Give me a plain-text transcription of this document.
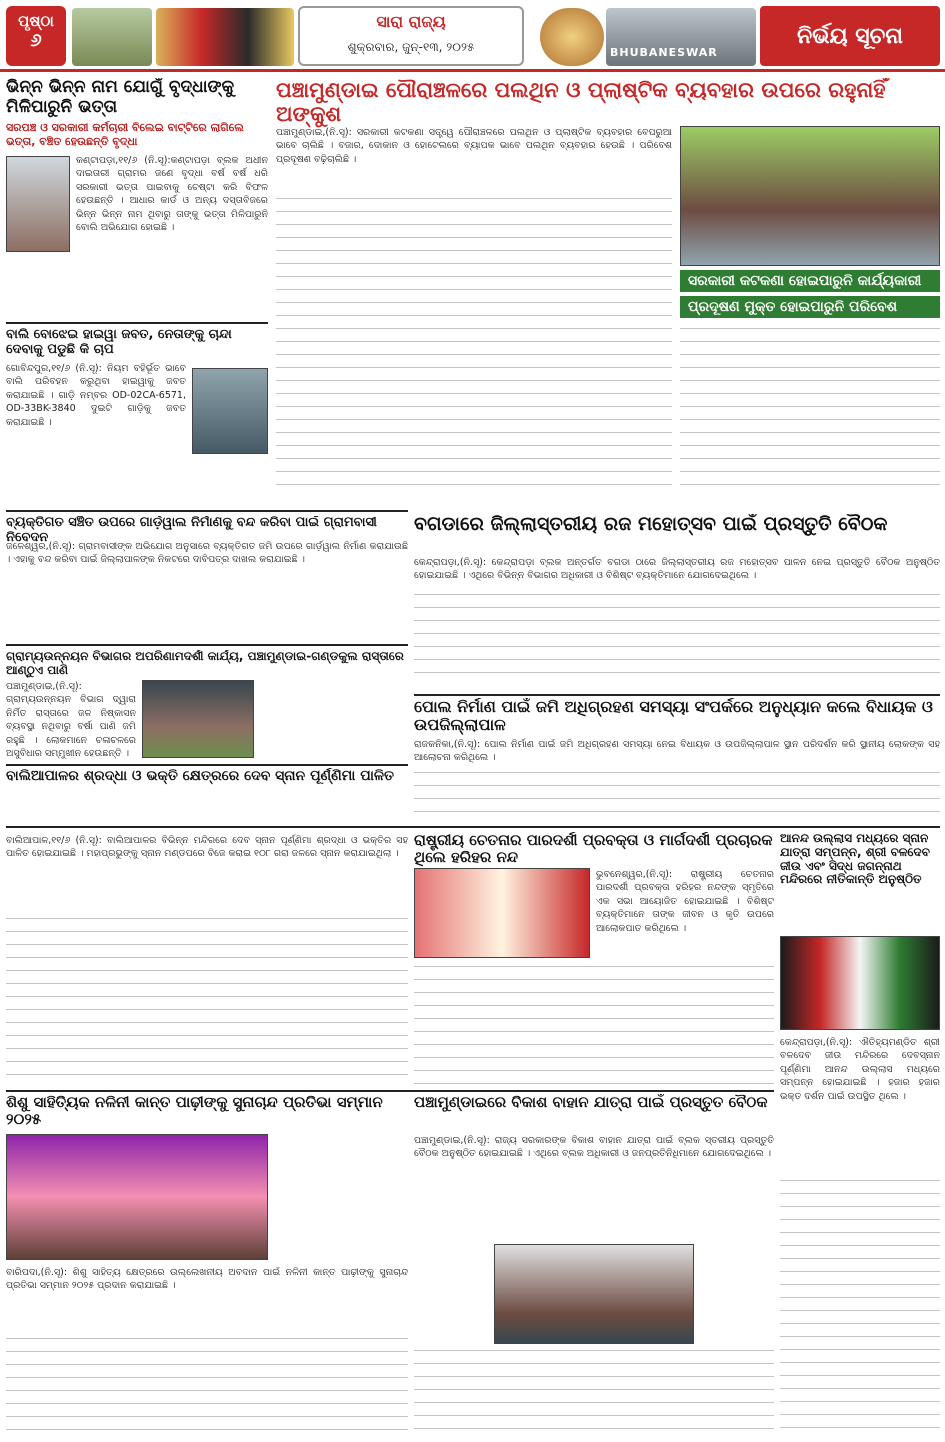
ପୃଷ୍ଠା
୬
ସାରା ରାଜ୍ୟ
ଶୁକ୍ରବାର, ଜୁନ୍-୧୩, ୨୦୨୫	BHUBANESWAR
ନିର୍ଭୟ ସୂଚନା
ଭିନ୍ନ ଭିନ୍ନ ନାମ ଯୋଗୁଁ ବୃଦ୍ଧାଙ୍କୁ ମିଳିପାରୁନି ଭତ୍ତା
ସରପଞ୍ଚ ଓ ସରକାରୀ କର୍ମଚାରୀ ବିଲେଇ ବାଟ୍ଟିରେ ଲାଗିଲେ ଭତ୍ତା, ବଞ୍ଚିତ ହେଉଛନ୍ତି ବୃଦ୍ଧା
କଣ୍ଟାପଡ଼ା,୧୧/୬ (ନି.ସୂ):କଣ୍ଟାପଡ଼ା ବ୍ଲକ ଅଧୀନ ଦାଇତାରୀ ଗ୍ରାମର ଜଣେ ବୃଦ୍ଧା ବର୍ଷ ବର୍ଷ ଧରି ସରକାରୀ ଭତ୍ତା ପାଇବାକୁ ଚେଷ୍ଟା କରି ବିଫଳ ହେଉଛନ୍ତି । ଆଧାର କାର୍ଡ ଓ ଅନ୍ୟ ଦସ୍ତାବିଜରେ ଭିନ୍ନ ଭିନ୍ନ ନାମ ଥିବାରୁ ତାଙ୍କୁ ଭତ୍ତା ମିଳିପାରୁନି ବୋଲି ଅଭିଯୋଗ ହୋଇଛି ।
ବାଲି ବୋଝେଇ ହାଇୱା ଜବତ, ନେତାଙ୍କୁ ଚାନ୍ଦା ଦେବାକୁ ପଡୁଛି କି ଚାପ
ଗୋବିନ୍ଦପୁର,୧୧/୬ (ନି.ସୂ): ନିୟମ ବହିର୍ଭୂତ ଭାବେ ବାଲି ପରିବହନ କରୁଥିବା ହାଇୱାକୁ ଜବତ କରାଯାଇଛି । ଗାଡ଼ି ନମ୍ବର OD-02CA-6571, OD-33BK-3840 ଦୁଇଟି ଗାଡ଼ିକୁ ଜବତ କରାଯାଇଛି ।
ପଞ୍ଚାମୁଣ୍ଡାଇ ପୌରାଞ୍ଚଳରେ ପଲଥିନ ଓ ପ୍ଲାଷ୍ଟିକ ବ୍ୟବହାର ଉପରେ ରହୁନାହିଁ ଅଙ୍କୁଶ
ପଞ୍ଚାମୁଣ୍ଡାଇ,(ନି.ସୂ): ସରକାରୀ କଟକଣା ସତ୍ତ୍ୱେ ପୌରାଞ୍ଚଳରେ ପଲଥିନ ଓ ପ୍ଲାଷ୍ଟିକ ବ୍ୟବହାର ବେପରୁଆ ଭାବେ ଚାଲିଛି । ବଜାର, ଦୋକାନ ଓ ହୋଟେଲରେ ବ୍ୟାପକ ଭାବେ ପଲଥିନ ବ୍ୟବହାର ହେଉଛି । ପରିବେଶ ପ୍ରଦୂଷଣ ବଢ଼ିଚାଲିଛି ।
ସରକାରୀ କଟକଣା ହୋଇପାରୁନି କାର୍ଯ୍ୟକାରୀ
ପ୍ରଦୂଷଣ ମୁକ୍ତ ହୋଇପାରୁନି ପରିବେଶ
ବ୍ୟକ୍ତିଗତ ସଞ୍ଚିତ ଉପରେ ଗାର୍ଡ଼ୱାଲ ନିର୍ମାଣକୁ ବନ୍ଦ କରିବା ପାଇଁ ଗ୍ରାମବାସୀ ନିବେଦନ
ଜଳେଶ୍ୱର,(ନି.ସୂ): ଗ୍ରାମବାସୀଙ୍କ ଅଭିଯୋଗ ଅନୁସାରେ ବ୍ୟକ୍ତିଗତ ଜମି ଉପରେ ଗାର୍ଡ଼ୱାଲ ନିର୍ମାଣ କରାଯାଉଛି । ଏହାକୁ ବନ୍ଦ କରିବା ପାଇଁ ଜିଲ୍ଲାପାଳଙ୍କ ନିକଟରେ ଦାବିପତ୍ର ଦାଖଲ କରାଯାଇଛି ।
ଗ୍ରାମ୍ୟଉନ୍ନୟନ ବିଭାଗର ଅପରିଣାମଦର୍ଶୀ କାର୍ଯ୍ୟ, ପଞ୍ଚାମୁଣ୍ଡାଇ-ଗଣ୍ଡକୁଲ ରାସ୍ତାରେ ଆଣ୍ଠୁଏ ପାଣି
ପଞ୍ଚାମୁଣ୍ଡାଇ,(ନି.ସୂ): ଗ୍ରାମ୍ୟଉନ୍ନୟନ ବିଭାଗ ଦ୍ୱାରା ନିର୍ମିତ ରାସ୍ତାରେ ଜଳ ନିଷ୍କାସନ ବ୍ୟବସ୍ଥା ନଥିବାରୁ ବର୍ଷା ପାଣି ଜମି ରହୁଛି । ଲୋକମାନେ ଚଳାଚଳରେ ଅସୁବିଧାର ସମ୍ମୁଖୀନ ହେଉଛନ୍ତି ।
ବଗଡାରେ ଜିଲ୍ଲାସ୍ତରୀୟ ରଜ ମହୋତ୍ସବ ପାଇଁ ପ୍ରସ୍ତୁତି ବୈଠକ
କେନ୍ଦ୍ରାପଡ଼ା,(ନି.ସୂ): କେନ୍ଦ୍ରାପଡ଼ା ବ୍ଲକ ଅନ୍ତର୍ଗତ ବଗଡା ଠାରେ ଜିଲ୍ଲାସ୍ତରୀୟ ରଜ ମହୋତ୍ସବ ପାଳନ ନେଇ ପ୍ରସ୍ତୁତି ବୈଠକ ଅନୁଷ୍ଠିତ ହୋଇଯାଇଛି । ଏଥିରେ ବିଭିନ୍ନ ବିଭାଗର ଅଧିକାରୀ ଓ ବିଶିଷ୍ଟ ବ୍ୟକ୍ତିମାନେ ଯୋଗଦେଇଥିଲେ ।
ପୋଲ ନିର୍ମାଣ ପାଇଁ ଜମି ଅଧିଗ୍ରହଣ ସମସ୍ୟା ସଂପର୍କରେ ଅନୁଧ୍ୟାନ କଲେ ବିଧାୟକ ଓ ଉପଜିଲ୍ଲାପାଳ
ରାଜକନିକା,(ନି.ସୂ): ପୋଲ ନିର୍ମାଣ ପାଇଁ ଜମି ଅଧିଗ୍ରହଣ ସମସ୍ୟା ନେଇ ବିଧାୟକ ଓ ଉପଜିଲ୍ଲାପାଳ ସ୍ଥାନ ପରିଦର୍ଶନ କରି ସ୍ଥାନୀୟ ଲୋକଙ୍କ ସହ ଆଲୋଚନା କରିଥିଲେ ।
ବାଲିଆପାଳର ଶ୍ରଦ୍ଧା ଓ ଭକ୍ତି କ୍ଷେତ୍ରରେ ଦେବ ସ୍ନାନ ପୂର୍ଣ୍ଣିମା ପାଳିତ
ବାଲିଆପାଳ,୧୧/୬ (ନି.ସୂ): ବାଲିଆପାଳର ବିଭିନ୍ନ ମନ୍ଦିରରେ ଦେବ ସ୍ନାନ ପୂର୍ଣ୍ଣିମା ଶ୍ରଦ୍ଧା ଓ ଭକ୍ତିର ସହ ପାଳିତ ହୋଇଯାଇଛି । ମହାପ୍ରଭୁଙ୍କୁ ସ୍ନାନ ମଣ୍ଡପରେ ବିଜେ କରାଇ ୧୦୮ ଗରା ଜଳରେ ସ୍ନାନ କରାଯାଇଥିଲା ।
ରାଷ୍ଟ୍ରୀୟ ଚେତନାର ପାରଦର୍ଶୀ ପ୍ରବକ୍ତା ଓ ମାର୍ଗଦର୍ଶୀ ପ୍ରଚାରକ ଥିଲେ ହରିହର ନନ୍ଦ
ଭୁବନେଶ୍ୱର,(ନି.ସୂ): ରାଷ୍ଟ୍ରୀୟ ଚେତନାର ପାରଦର୍ଶୀ ପ୍ରବକ୍ତା ହରିହର ନନ୍ଦଙ୍କ ସ୍ମୃତିରେ ଏକ ସଭା ଆୟୋଜିତ ହୋଇଯାଇଛି । ବିଶିଷ୍ଟ ବ୍ୟକ୍ତିମାନେ ତାଙ୍କ ଜୀବନ ଓ କୃତି ଉପରେ ଆଲୋକପାତ କରିଥିଲେ ।
ଆନନ୍ଦ ଉଲ୍ଲାସ ମଧ୍ୟରେ ସ୍ନାନ ଯାତ୍ରା ସମ୍ପନ୍ନ, ଶ୍ରୀ ବଳଦେବ ଜୀଉ ଏବଂ ସିଦ୍ଧ ଜଗନ୍ନାଥ ମନ୍ଦିରରେ ନୀତିକାନ୍ତି ଅନୁଷ୍ଠିତ
କେନ୍ଦ୍ରାପଡ଼ା,(ନି.ସୂ): ଐତିହ୍ୟମଣ୍ଡିତ ଶ୍ରୀ ବଳଦେବ ଜୀଉ ମନ୍ଦିରରେ ଦେବସ୍ନାନ ପୂର୍ଣ୍ଣିମା ଆନନ୍ଦ ଉଲ୍ଲାସ ମଧ୍ୟରେ ସମ୍ପନ୍ନ ହୋଇଯାଇଛି । ହଜାର ହଜାର ଭକ୍ତ ଦର୍ଶନ ପାଇଁ ଉପସ୍ଥିତ ଥିଲେ ।
ଶିଶୁ ସାହିତ୍ୟିକ ନଳିନୀ କାନ୍ତ ପାଢ଼ୀଙ୍କୁ ସୁନାଚାନ୍ଦ ପ୍ରତିଭା ସମ୍ମାନ ୨୦୨୫
ବାରିପଦା,(ନି.ସୂ): ଶିଶୁ ସାହିତ୍ୟ କ୍ଷେତ୍ରରେ ଉଲ୍ଲେଖନୀୟ ଅବଦାନ ପାଇଁ ନଳିନୀ କାନ୍ତ ପାଢ଼ୀଙ୍କୁ ସୁନାଚାନ୍ଦ ପ୍ରତିଭା ସମ୍ମାନ ୨୦୨୫ ପ୍ରଦାନ କରାଯାଇଛି ।
ପଞ୍ଚାମୁଣ୍ଡାଇରେ ବିକାଶ ବାହାନ ଯାତ୍ରା ପାଇଁ ପ୍ରସ୍ତୁତ ବୈଠକ
ପଞ୍ଚାମୁଣ୍ଡାଇ,(ନି.ସୂ): ରାଜ୍ୟ ସରକାରଙ୍କ ବିକାଶ ବାହାନ ଯାତ୍ରା ପାଇଁ ବ୍ଲକ ସ୍ତରୀୟ ପ୍ରସ୍ତୁତି ବୈଠକ ଅନୁଷ୍ଠିତ ହୋଇଯାଇଛି । ଏଥିରେ ବ୍ଲକ ଅଧିକାରୀ ଓ ଜନପ୍ରତିନିଧିମାନେ ଯୋଗଦେଇଥିଲେ ।
